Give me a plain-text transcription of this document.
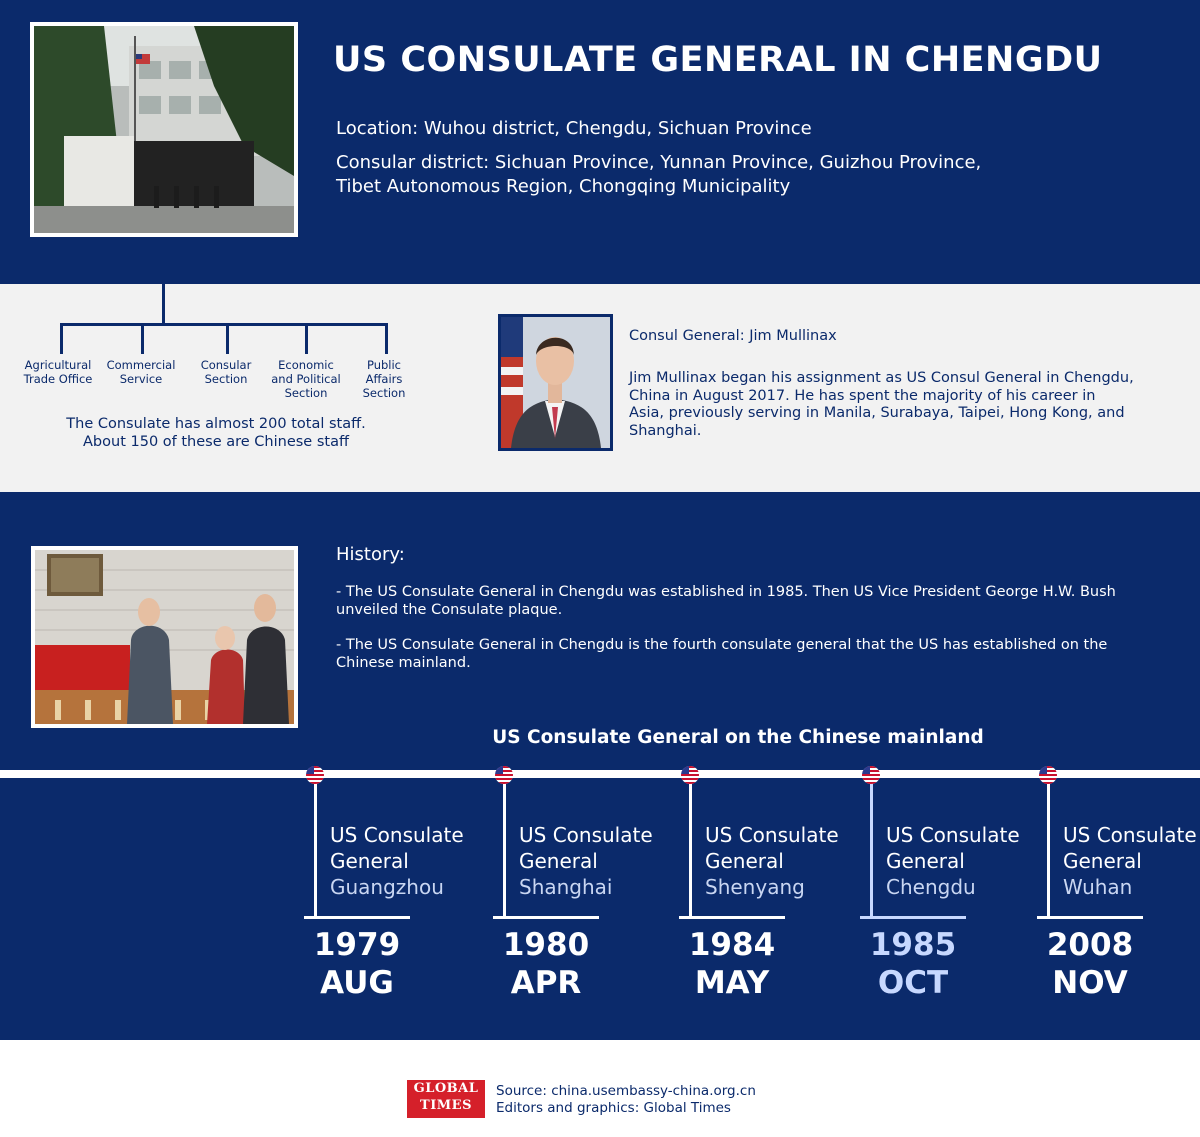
US CONSULATE GENERAL IN CHENGDU
Location: Wuhou district, Chengdu, Sichuan Province
Consular district: Sichuan Province, Yunnan Province, Guizhou Province,
Tibet Autonomous Region, Chongqing Municipality
Agricultural
Trade Office
Commercial
Service
Consular
Section
Economic
and Political
Section
Public
Affairs
Section
The Consulate has almost 200 total staff.
About 150 of these are Chinese staff
Consul General: Jim Mullinax
Jim Mullinax began his assignment as US Consul General in Chengdu,
China in August 2017. He has spent the majority of his career in
Asia, previously serving in Manila, Surabaya, Taipei, Hong Kong, and
Shanghai.
History:
- The US Consulate General in Chengdu was established in 1985. Then US Vice President George H.W. Bush
unveiled the Consulate plaque.
- The US Consulate General in Chengdu is the fourth consulate general that the US has established on the
Chinese mainland.
US Consulate General on the Chinese mainland
US Consulate
General
Guangzhou
1979
AUG
US Consulate
General
Shanghai
1980
APR
US Consulate
General
Shenyang
1984
MAY
US Consulate
General
Chengdu
1985
OCT
US Consulate
General
Wuhan
2008
NOV
GLOBAL
TIMES
Source: china.usembassy-china.org.cn
Editors and graphics: Global Times
